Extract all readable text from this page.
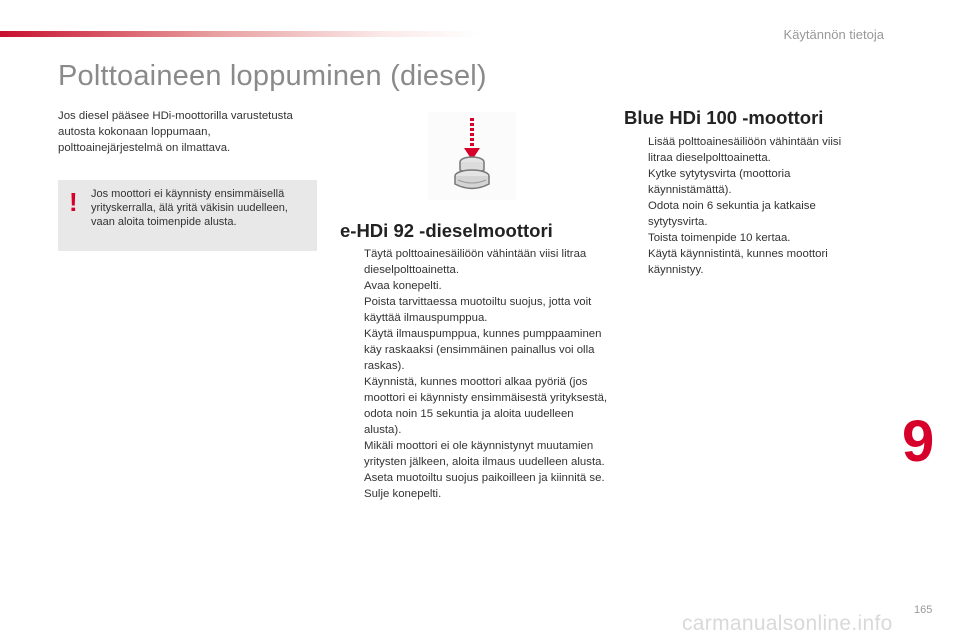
Käytännön tietoja
Polttoaineen loppuminen (diesel)

Jos diesel pääsee HDi-moottorilla varustetusta autosta kokonaan loppumaan, polttoainejärjestelmä on ilmattava.

! Jos moottori ei käynnisty ensimmäisellä yrityskerralla, älä yritä väkisin uudelleen, vaan aloita toimenpide alusta.	e-HDi 92 -dieselmoottori
Täytä polttoainesäiliöön vähintään viisi litraa dieselpolttoainetta.
Avaa konepelti.
Poista tarvittaessa muotoiltu suojus, jotta voit käyttää ilmauspumppua.
Käytä ilmauspumppua, kunnes pumppaaminen käy raskaaksi (ensimmäinen painallus voi olla raskas).
Käynnistä, kunnes moottori alkaa pyöriä (jos moottori ei käynnisty ensimmäisestä yrityksestä, odota noin 15 sekuntia ja aloita uudelleen alusta).
Mikäli moottori ei ole käynnistynyt muutamien yritysten jälkeen, aloita ilmaus uudelleen alusta.
Aseta muotoiltu suojus paikoilleen ja kiinnitä se.
Sulje konepelti.
Blue HDi 100 -moottori
Lisää polttoainesäiliöön vähintään viisi litraa dieselpolttoainetta.
Kytke sytytysvirta (moottoria käynnistämättä).
Odota noin 6 sekuntia ja katkaise sytytysvirta.
Toista toimenpide 10 kertaa.
Käytä käynnistintä, kunnes moottori käynnistyy.
9
165
carmanualsonline.info
